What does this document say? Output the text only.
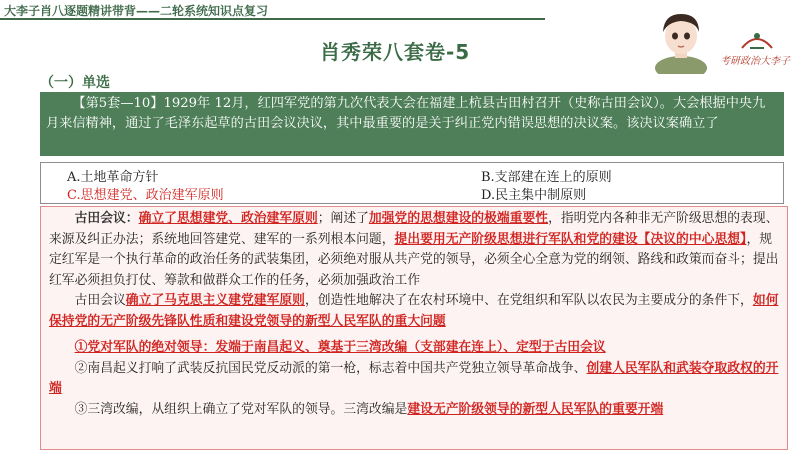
大李子肖八逐题精讲带背——二轮系统知识点复习
肖秀荣八套卷-5	考研政治大李子
（一）单选
【第5套—10】1929年 12月，红四军党的第九次代表大会在福建上杭县古田村召开（史称古田会议）。大会根据中央九月来信精神，通过了毛泽东起草的古田会议决议，其中最重要的是关于纠正党内错误思想的决议案。该决议案确立了
A.土地革命方针	B.支部建在连上的原则
C.思想建党、政治建军原则	D.民主集中制原则
古田会议：确立了思想建党、政治建军原则；阐述了加强党的思想建设的极端重要性，指明党内各种非无产阶级思想的表现、来源及纠正办法；系统地回答建党、建军的一系列根本问题，提出要用无产阶级思想进行军队和党的建设【决议的中心思想】，规定红军是一个执行革命的政治任务的武装集团，必须绝对服从共产党的领导，必须全心全意为党的纲领、路线和政策而奋斗；提出红军必须担负打仗、筹款和做群众工作的任务，必须加强政治工作
古田会议确立了马克思主义建党建军原则，创造性地解决了在农村环境中、在党组织和军队以农民为主要成分的条件下，如何保持党的无产阶级先锋队性质和建设党领导的新型人民军队的重大问题
①党对军队的绝对领导：发端于南昌起义、奠基于三湾改编（支部建在连上）、定型于古田会议
②南昌起义打响了武装反抗国民党反动派的第一枪，标志着中国共产党独立领导革命战争、创建人民军队和武装夺取政权的开端
③三湾改编，从组织上确立了党对军队的领导。三湾改编是建设无产阶级领导的新型人民军队的重要开端
